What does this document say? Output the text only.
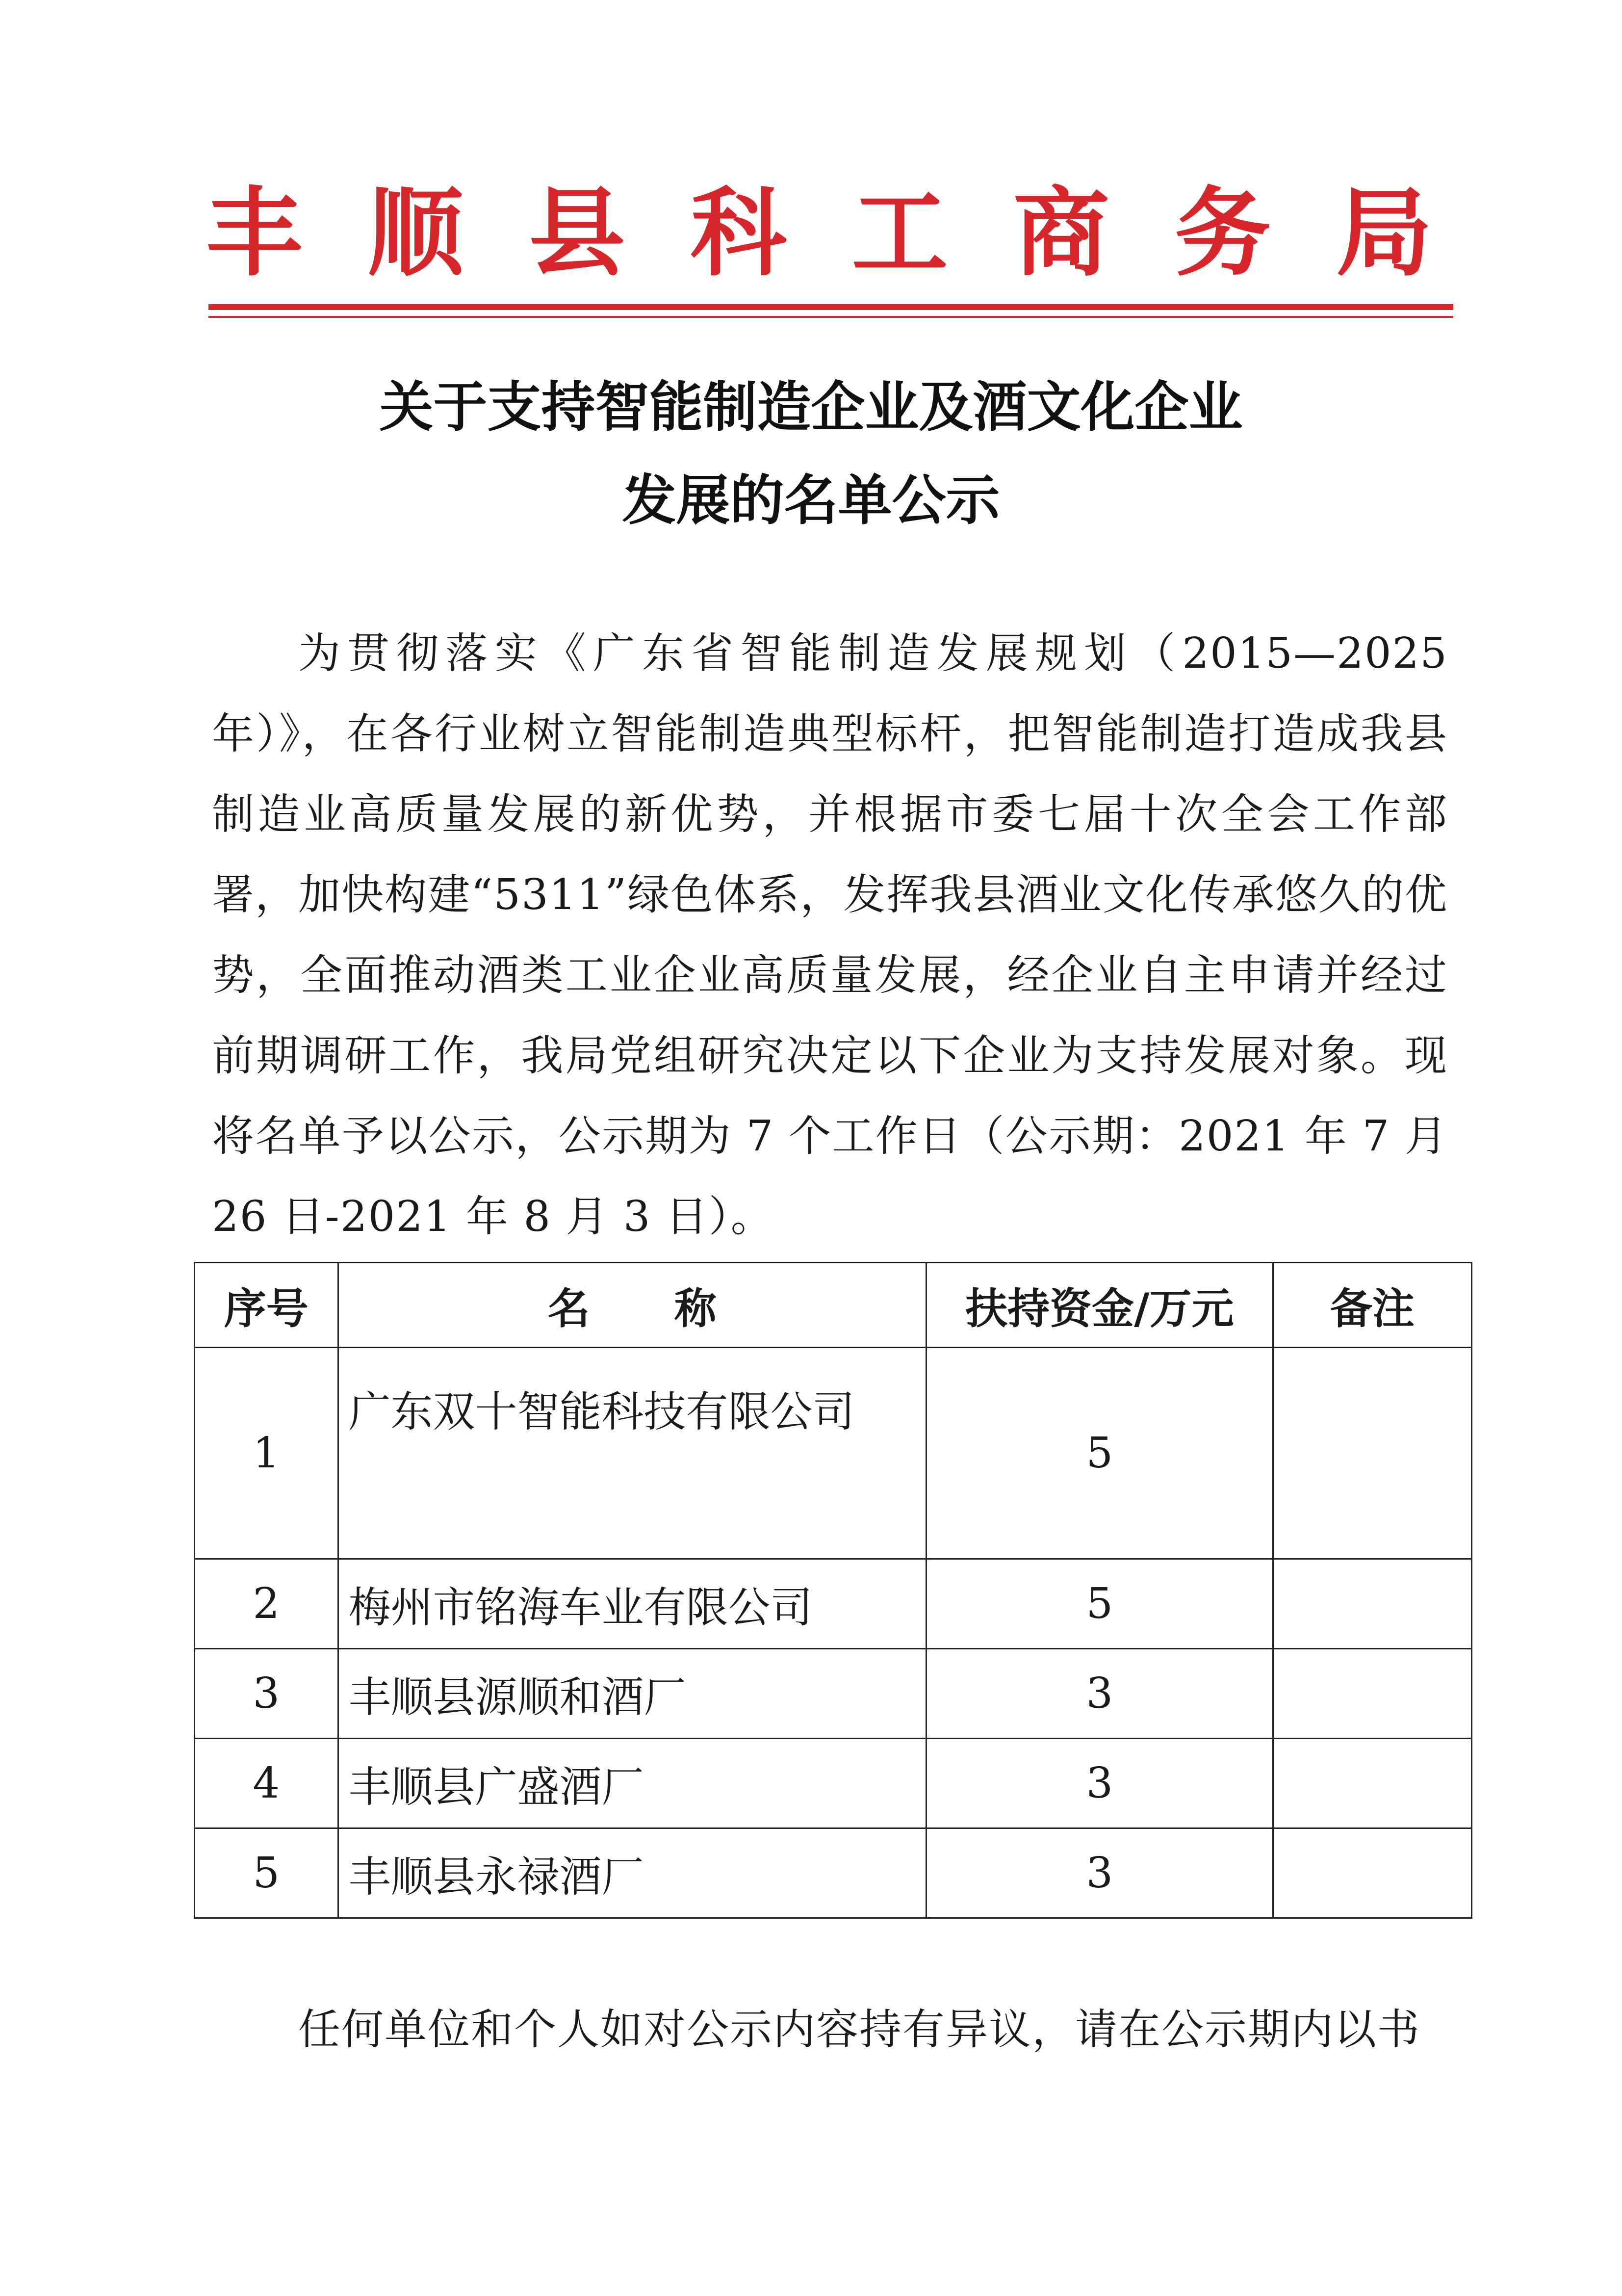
丰 顺 县 科 工 商 务 局
关于支持智能制造企业及酒文化企业
发展的名单公示
为贯彻落实《广东省智能制造发展规划（2015—2025 年）》，在各行业树立智能制造典型标杆，把智能制造打造成我县制造业高质量发展的新优势，并根据市委七届十次全会工作部署，加快构建“5311”绿色体系，发挥我县酒业文化传承悠久的优势，全面推动酒类工业企业高质量发展，经企业自主申请并经过前期调研工作，我局党组研究决定以下企业为支持发展对象。现将名单予以公示，公示期为 7 个工作日（公示期：2021 年 7 月 26 日-2021 年 8 月 3 日）。
序号	名　　称	扶持资金/万元	备注
1	广东双十智能科技有限公司	5	
2	梅州市铭海车业有限公司	5	
3	丰顺县源顺和酒厂	3	
4	丰顺县广盛酒厂	3	
5	丰顺县永禄酒厂	3	
任何单位和个人如对公示内容持有异议，请在公示期内以书
